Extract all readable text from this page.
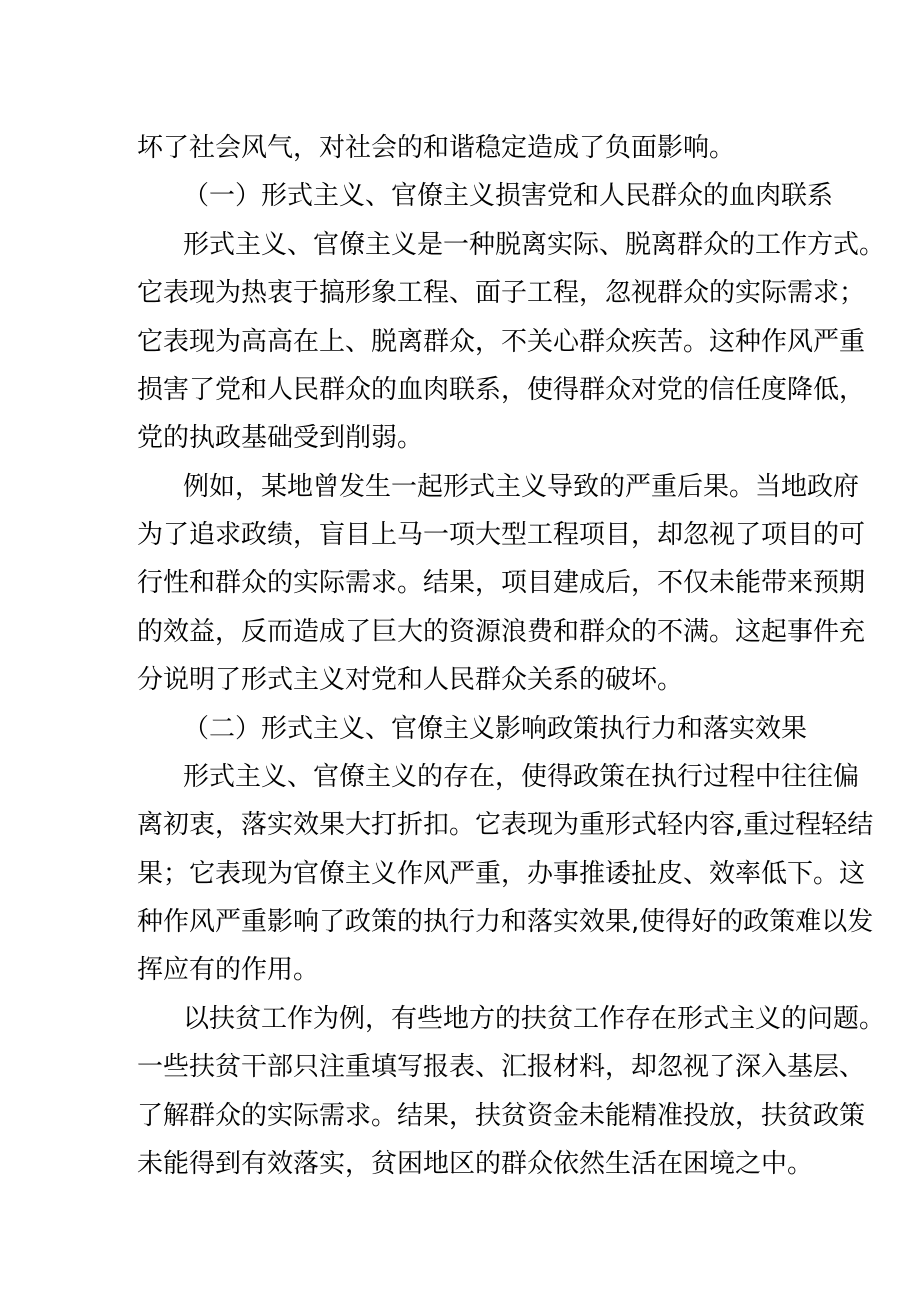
坏了社会风气，对社会的和谐稳定造成了负面影响。
（一）形式主义、官僚主义损害党和人民群众的血肉联系
形式主义、官僚主义是一种脱离实际、脱离群众的工作方式。
它表现为热衷于搞形象工程、面子工程，忽视群众的实际需求；
它表现为高高在上、脱离群众，不关心群众疾苦。这种作风严重
损害了党和人民群众的血肉联系，使得群众对党的信任度降低，
党的执政基础受到削弱。
例如，某地曾发生一起形式主义导致的严重后果。当地政府
为了追求政绩，盲目上马一项大型工程项目，却忽视了项目的可
行性和群众的实际需求。结果，项目建成后，不仅未能带来预期
的效益，反而造成了巨大的资源浪费和群众的不满。这起事件充
分说明了形式主义对党和人民群众关系的破坏。
（二）形式主义、官僚主义影响政策执行力和落实效果
形式主义、官僚主义的存在，使得政策在执行过程中往往偏
离初衷，落实效果大打折扣。它表现为重形式轻内容,重过程轻结
果；它表现为官僚主义作风严重，办事推诿扯皮、效率低下。这
种作风严重影响了政策的执行力和落实效果,使得好的政策难以发
挥应有的作用。
以扶贫工作为例，有些地方的扶贫工作存在形式主义的问题。
一些扶贫干部只注重填写报表、汇报材料，却忽视了深入基层、
了解群众的实际需求。结果，扶贫资金未能精准投放，扶贫政策
未能得到有效落实，贫困地区的群众依然生活在困境之中。
